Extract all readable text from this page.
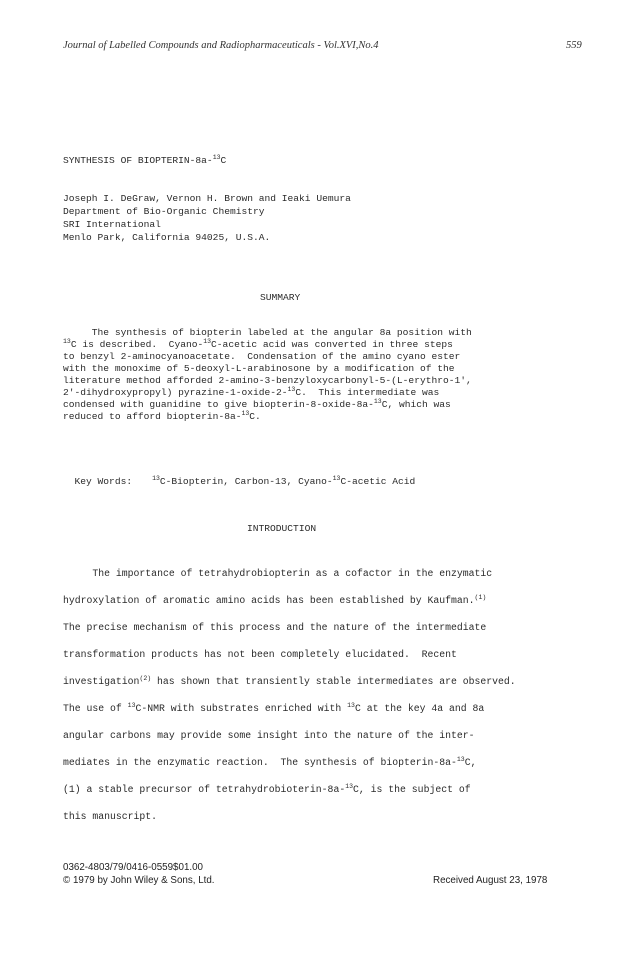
Journal of Labelled Compounds and Radiopharmaceuticals - Vol.XVI,No.4	559
SYNTHESIS OF BIOPTERIN-8a-$^{13}$C
Joseph I. DeGraw, Vernon H. Brown and Ieaki Uemura
Department of Bio-Organic Chemistry
SRI International
Menlo Park, California 94025, U.S.A.
SUMMARY
The synthesis of biopterin labeled at the angular 8a position with
$^{13}$C is described.  Cyano-$^{13}$C-acetic acid was converted in three steps
to benzyl 2-aminocyanoacetate.  Condensation of the amino cyano ester
with the monoxime of 5-deoxyl-L-arabinosone by a modification of the
literature method afforded 2-amino-3-benzyloxycarbonyl-5-(L-erythro-1',
2'-dihydroxypropyl) pyrazine-1-oxide-2-$^{13}$C.  This intermediate was
condensed with guanidine to give biopterin-8-oxide-8a-$^{13}$C, which was
reduced to afford biopterin-8a-$^{13}$C.

Key Words:	$^{13}$C-Biopterin, Carbon-13, Cyano-$^{13}$C-acetic Acid

INTRODUCTION
The importance of tetrahydrobiopterin as a cofactor in the enzymatic
hydroxylation of aromatic amino acids has been established by Kaufman.$^{(1)}$
The precise mechanism of this process and the nature of the intermediate
transformation products has not been completely elucidated.  Recent
investigation$^{(2)}$ has shown that transiently stable intermediates are observed.
The use of $^{13}$C-NMR with substrates enriched with $^{13}$C at the key 4a and 8a
angular carbons may provide some insight into the nature of the inter-
mediates in the enzymatic reaction.  The synthesis of biopterin-8a-$^{13}$C,
(1) a stable precursor of tetrahydrobioterin-8a-$^{13}$C, is the subject of
this manuscript.
0362-4803/79/0416-0559$01.00
© 1979 by John Wiley & Sons, Ltd.	Received August 23, 1978
